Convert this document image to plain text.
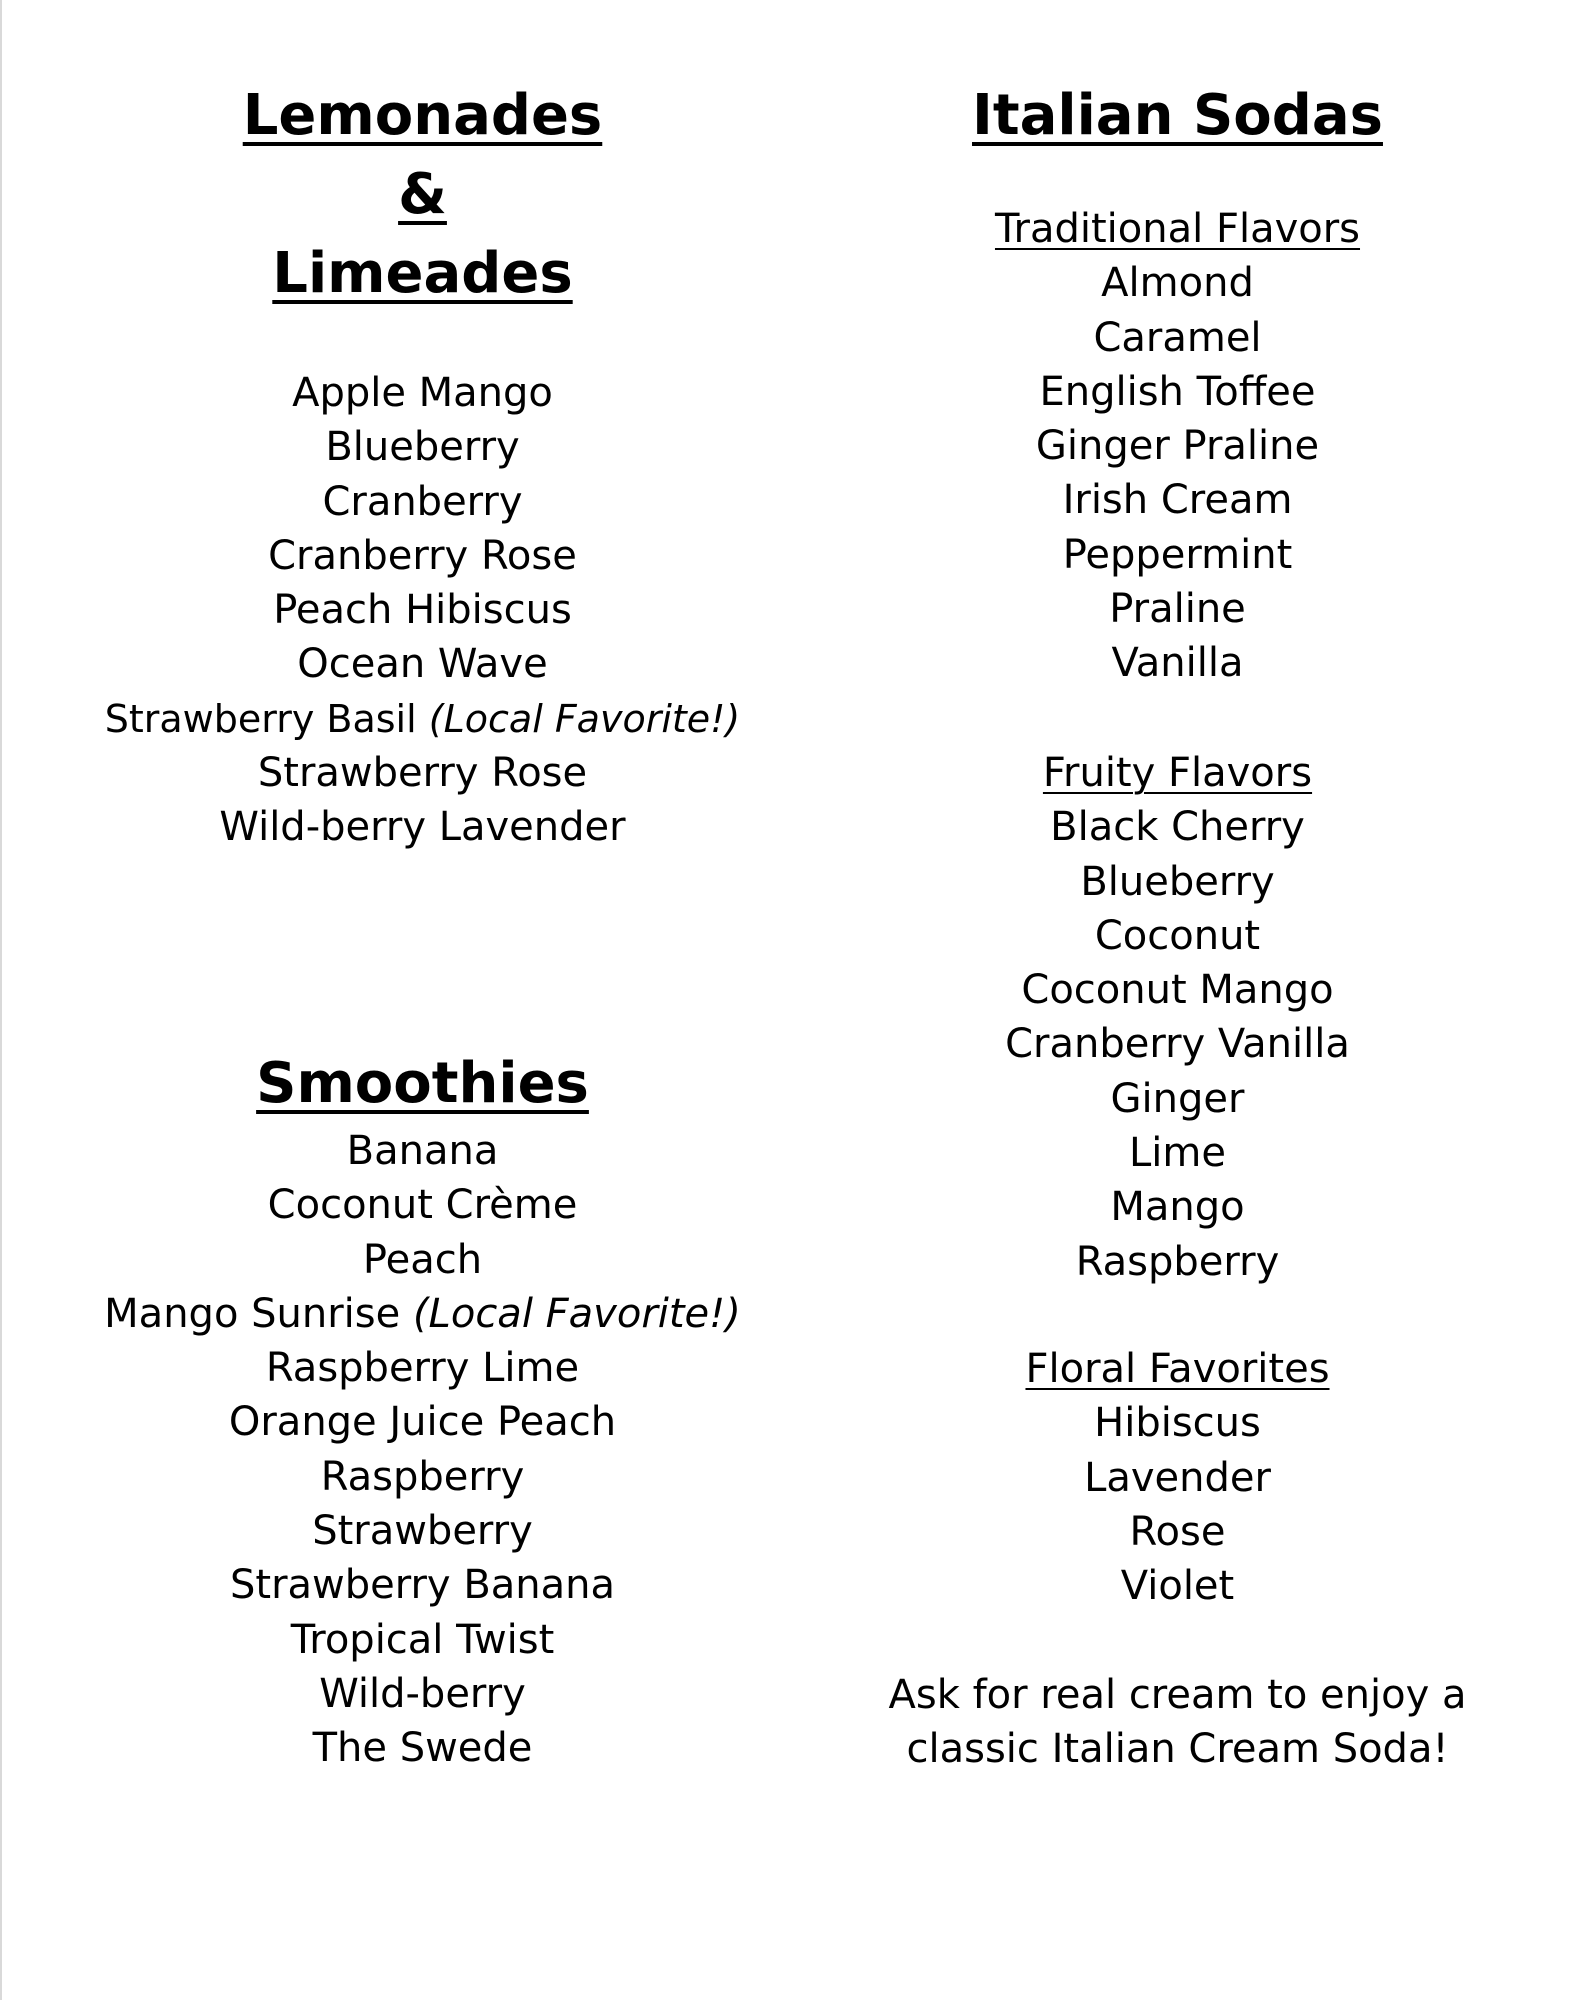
Lemonades
&
Limeades
Apple Mango
Blueberry
Cranberry
Cranberry Rose
Peach Hibiscus
Ocean Wave
Strawberry Basil (Local Favorite!)
Strawberry Rose
Wild-berry Lavender
Smoothies
Banana
Coconut Crème
Peach
Mango Sunrise (Local Favorite!)
Raspberry Lime
Orange Juice Peach
Raspberry
Strawberry
Strawberry Banana
Tropical Twist
Wild-berry
The Swede
Italian Sodas
Traditional Flavors
Almond
Caramel
English Toffee
Ginger Praline
Irish Cream
Peppermint
Praline
Vanilla
Fruity Flavors
Black Cherry
Blueberry
Coconut
Coconut Mango
Cranberry Vanilla
Ginger
Lime
Mango
Raspberry
Floral Favorites
Hibiscus
Lavender
Rose
Violet
Ask for real cream to enjoy a
classic Italian Cream Soda!
